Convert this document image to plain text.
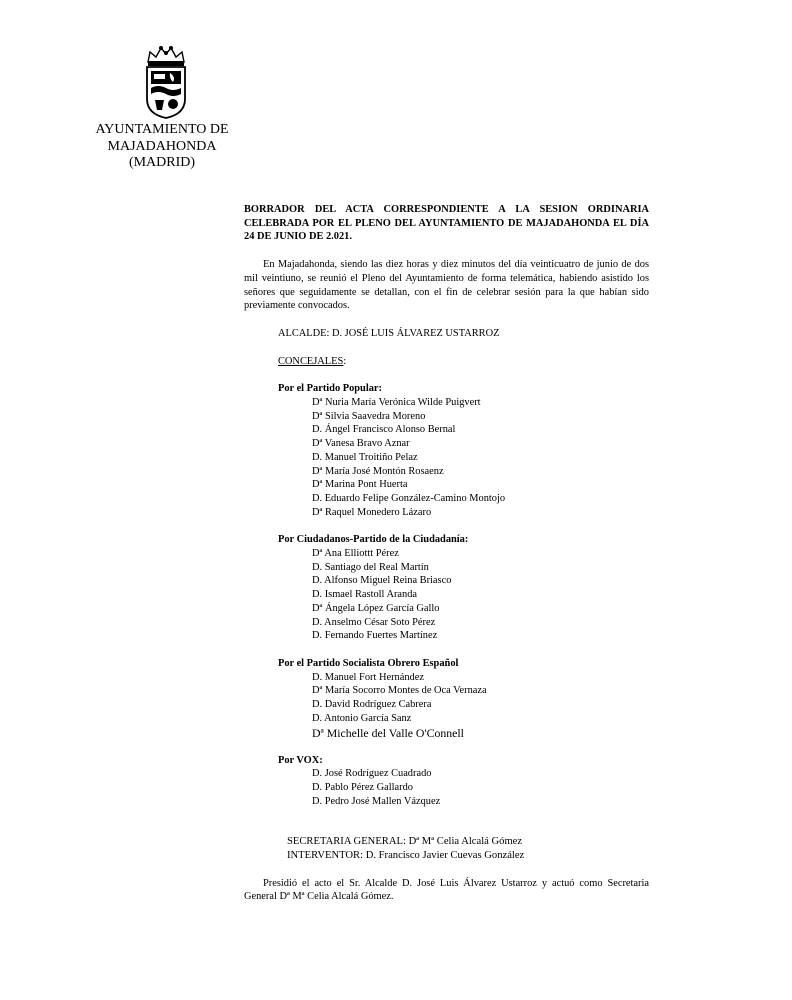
AYUNTAMIENTO DE
MAJADAHONDA
(MADRID)

BORRADOR DEL ACTA CORRESPONDIENTE A LA SESION ORDINARIA CELEBRADA POR EL PLENO DEL AYUNTAMIENTO DE MAJADAHONDA EL DÍA 24 DE JUNIO DE 2.021.

En Majadahonda, siendo las diez horas y diez minutos del día veinticuatro de junio de dos mil veintiuno, se reunió el Pleno del Ayuntamiento de forma telemática, habiendo asistido los señores que seguidamente se detallan, con el fin de celebrar sesión para la que habían sido previamente convocados.

ALCALDE: D. JOSÉ LUIS ÁLVAREZ USTARROZ
CONCEJALES:
Por el Partido Popular:
Dª Nuria María Verónica Wilde Puigvert
Dª Silvia Saavedra Moreno
D. Ángel Francisco Alonso Bernal
Dª Vanesa Bravo Aznar
D. Manuel Troitiño Pelaz
Dª María José Montón Rosaenz
Dª Marina Pont Huerta
D. Eduardo Felipe González-Camino Montojo
Dª Raquel Monedero Lázaro
Por Ciudadanos-Partido de la Ciudadanía:
Dª Ana Elliottt Pérez
D. Santiago del Real Martín
D. Alfonso Miguel Reina Briasco
D. Ismael Rastoll Aranda
Dª Ángela López García Gallo
D. Anselmo César Soto Pérez
D. Fernando Fuertes Martínez
Por el Partido Socialista Obrero Español
D. Manuel Fort Hernández
Dª María Socorro Montes de Oca Vernaza
D. David Rodríguez Cabrera
D. Antonio García Sanz
Dª Michelle del Valle O'Connell
Por VOX:
D. José Rodríguez Cuadrado
D. Pablo Pérez Gallardo
D. Pedro José Mallen Vázquez
SECRETARIA GENERAL: Dª Mª Celia Alcalá Gómez
INTERVENTOR: D. Francisco Javier Cuevas González

Presidió el acto el Sr. Alcalde D. José Luis Álvarez Ustarroz y actuó como Secretaria General Dª Mª Celia Alcalá Gómez.
